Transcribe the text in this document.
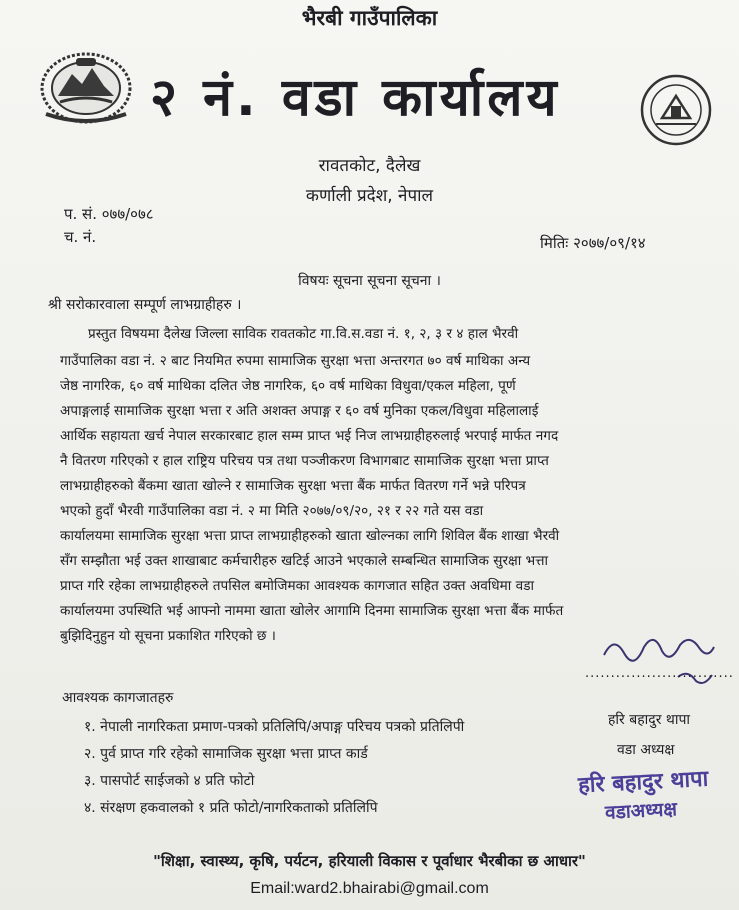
भैरबी गाउँपालिका
२ नं. वडा कार्यालय
रावतकोट, दैलेख
कर्णाली प्रदेश, नेपाल
प. सं. ०७७/०७८
च. नं.	मितिः २०७७/०९/१४
विषयः सूचना सूचना सूचना ।
श्री सरोकारवाला सम्पूर्ण लाभग्राहीहरु ।
प्रस्तुत विषयमा दैलेख जिल्ला साविक रावतकोट गा.वि.स.वडा नं. १, २, ३ र ४ हाल भैरवी
गाउँपालिका वडा नं. २ बाट नियमित रुपमा सामाजिक सुरक्षा भत्ता अन्तरगत ७० वर्ष माथिका अन्य
जेष्ठ नागरिक, ६० वर्ष माथिका दलित जेष्ठ नागरिक, ६० वर्ष माथिका विधुवा/एकल महिला, पूर्ण
अपाङ्गलाई सामाजिक सुरक्षा भत्ता र अति अशक्त अपाङ्ग र ६० वर्ष मुनिका एकल/विधुवा महिलालाई
आर्थिक सहायता खर्च नेपाल सरकारबाट हाल सम्म प्राप्त भई निज लाभग्राहीहरुलाई भरपाई मार्फत नगद
नै वितरण गरिएको र हाल राष्ट्रिय परिचय पत्र तथा पञ्जीकरण विभागबाट सामाजिक सुरक्षा भत्ता प्राप्त
लाभग्राहीहरुको बैंकमा खाता खोल्ने र सामाजिक सुरक्षा भत्ता बैंक मार्फत वितरण गर्ने भन्ने परिपत्र
भएको हुदाँ भैरवी गाउँपालिका वडा नं. २ मा मिति २०७७/०९/२०, २१ र २२ गते यस वडा
कार्यालयमा सामाजिक सुरक्षा भत्ता प्राप्त लाभग्राहीहरुको खाता खोल्नका लागि शिविल बैंक शाखा भैरवी
सँग सम्झौता भई उक्त शाखाबाट कर्मचारीहरु खटिई आउने भएकाले सम्बन्धित सामाजिक सुरक्षा भत्ता
प्राप्त गरि रहेका लाभग्राहीहरुले तपसिल बमोजिमका आवश्यक कागजात सहित उक्त अवधिमा वडा
कार्यालयमा उपस्थिति भई आफ्नो नाममा खाता खोलेर आगामि दिनमा सामाजिक सुरक्षा भत्ता बैंक मार्फत
बुझिदिनुहुन यो सूचना प्रकाशित गरिएको छ ।
.............................
आवश्यक कागजातहरु
१. नेपाली नागरिकता प्रमाण-पत्रको प्रतिलिपि/अपाङ्ग परिचय पत्रको प्रतिलिपी
२. पुर्व प्राप्त गरि रहेको सामाजिक सुरक्षा भत्ता प्राप्त कार्ड
३. पासपोर्ट साईजको ४ प्रति फोटो
४. संरक्षण हकवालको १ प्रति फोटो/नागरिकताको प्रतिलिपि
हरि बहादुर थापा
वडा अध्यक्ष
हरि बहादुर थापा
वडाअध्यक्ष
"शिक्षा, स्वास्थ्य, कृषि, पर्यटन, हरियाली विकास र पूर्वाधार भैरबीका छ आधार"
Email:ward2.bhairabi@gmail.com
